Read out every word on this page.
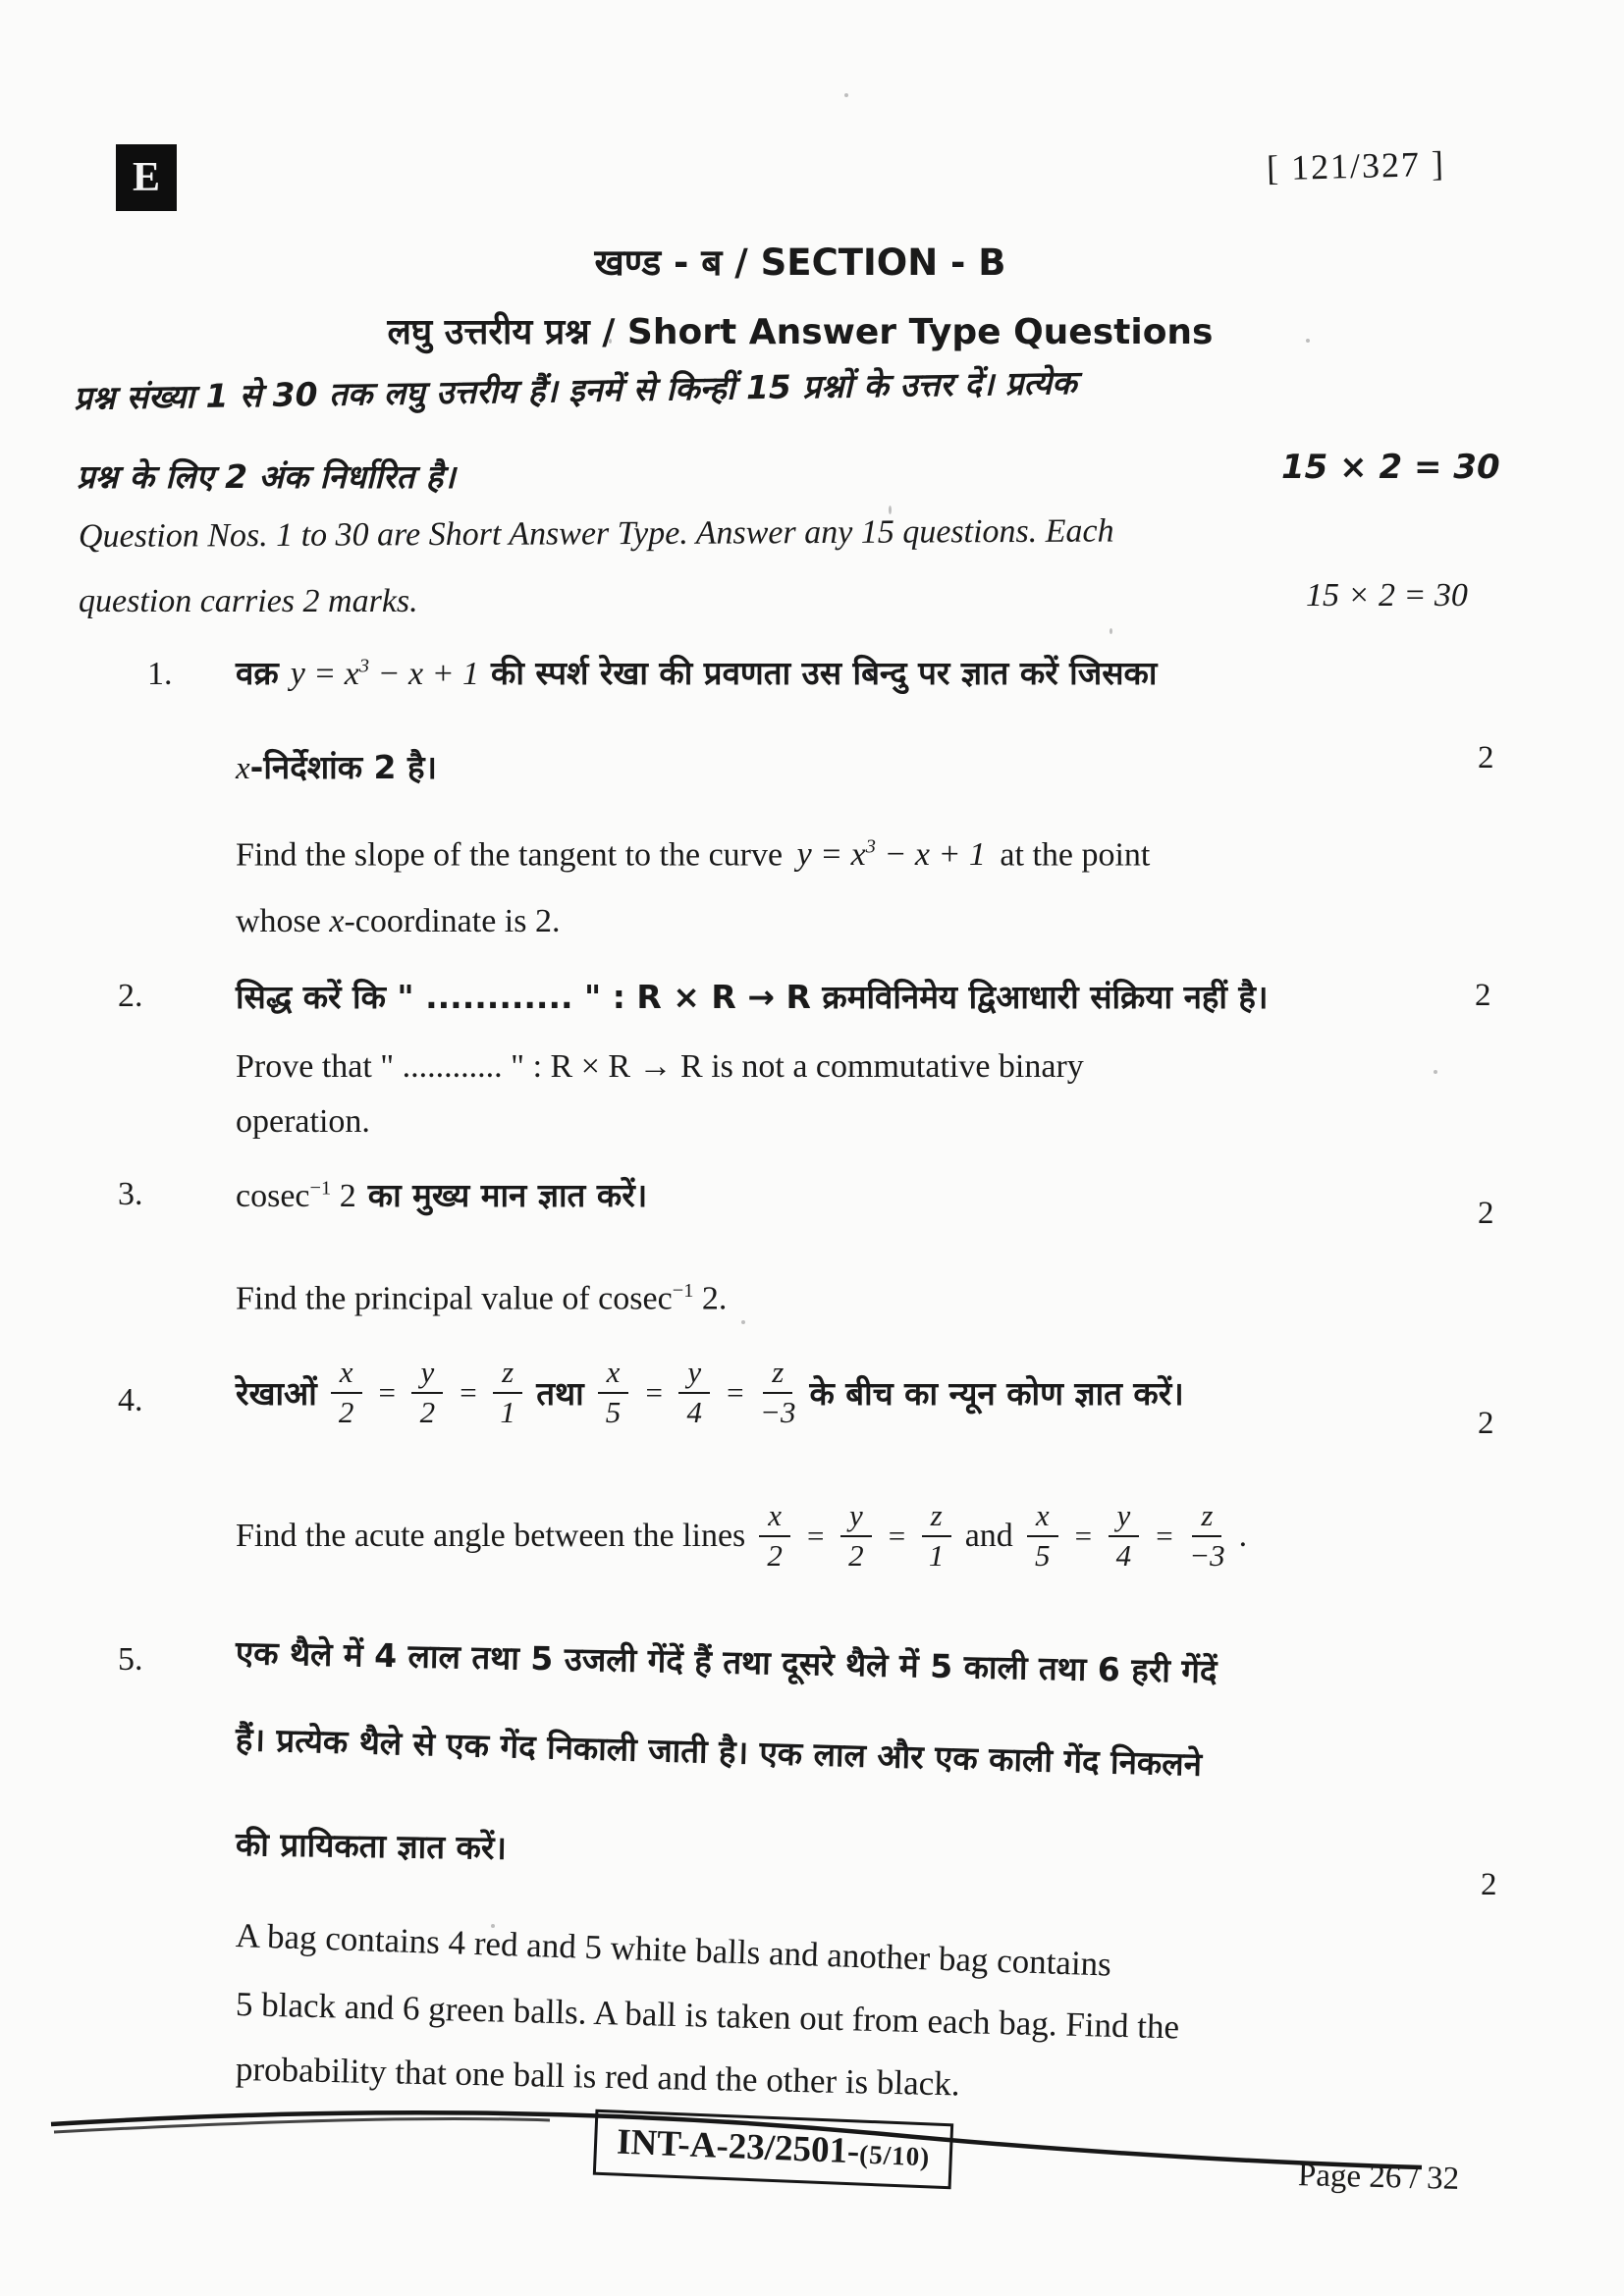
E	[ 121/327 ]
खण्ड - ब / SECTION - B
लघु उत्तरीय प्रश्न / Short Answer Type Questions
प्रश्न संख्या 1 से 30 तक लघु उत्तरीय हैं। इनमें से किन्हीं 15 प्रश्नों के उत्तर दें। प्रत्येक
प्रश्न के लिए 2 अंक निर्धारित है।	15 × 2 = 30
Question Nos. 1 to 30 are Short Answer Type. Answer any 15 questions. Each
question carries 2 marks.	15 × 2 = 30
1. वक्र $y = x^3 - x + 1$ की स्पर्श रेखा की प्रवणता उस बिन्दु पर ज्ञात करें जिसका
x-निर्देशांक 2 है।	2
Find the slope of the tangent to the curve $y = x^3 - x + 1$ at the point
whose x-coordinate is 2.
2.	सिद्ध करें कि " ............ " : R × R → R क्रमविनिमेय द्विआधारी संक्रिया नहीं है।	2
Prove that " ............ " : R × R → R is not a commutative binary
operation.
3.	cosec$^{-1}$ 2 का मुख्य मान ज्ञात करें।	2
Find the principal value of cosec$^{-1}$ 2.
4.	रेखाओं $\frac{x}{2} = \frac{y}{2} = \frac{z}{1}$ तथा $\frac{x}{5} = \frac{y}{4} = \frac{z}{-3}$ के बीच का न्यून कोण ज्ञात करें।
2
Find the acute angle between the lines $\frac{x}{2} = \frac{y}{2} = \frac{z}{1}$ and $\frac{x}{5} = \frac{y}{4} = \frac{z}{-3}$ .
5.	एक थैले में 4 लाल तथा 5 उजली गेंदें हैं तथा दूसरे थैले में 5 काली तथा 6 हरी गेंदें
हैं। प्रत्येक थैले से एक गेंद निकाली जाती है। एक लाल और एक काली गेंद निकलने
की प्रायिकता ज्ञात करें।
2
A bag contains 4 red and 5 white balls and another bag contains
5 black and 6 green balls. A ball is taken out from each bag. Find the
probability that one ball is red and the other is black.
INT-A-23/2501-(5/10)
Page 26 / 32
